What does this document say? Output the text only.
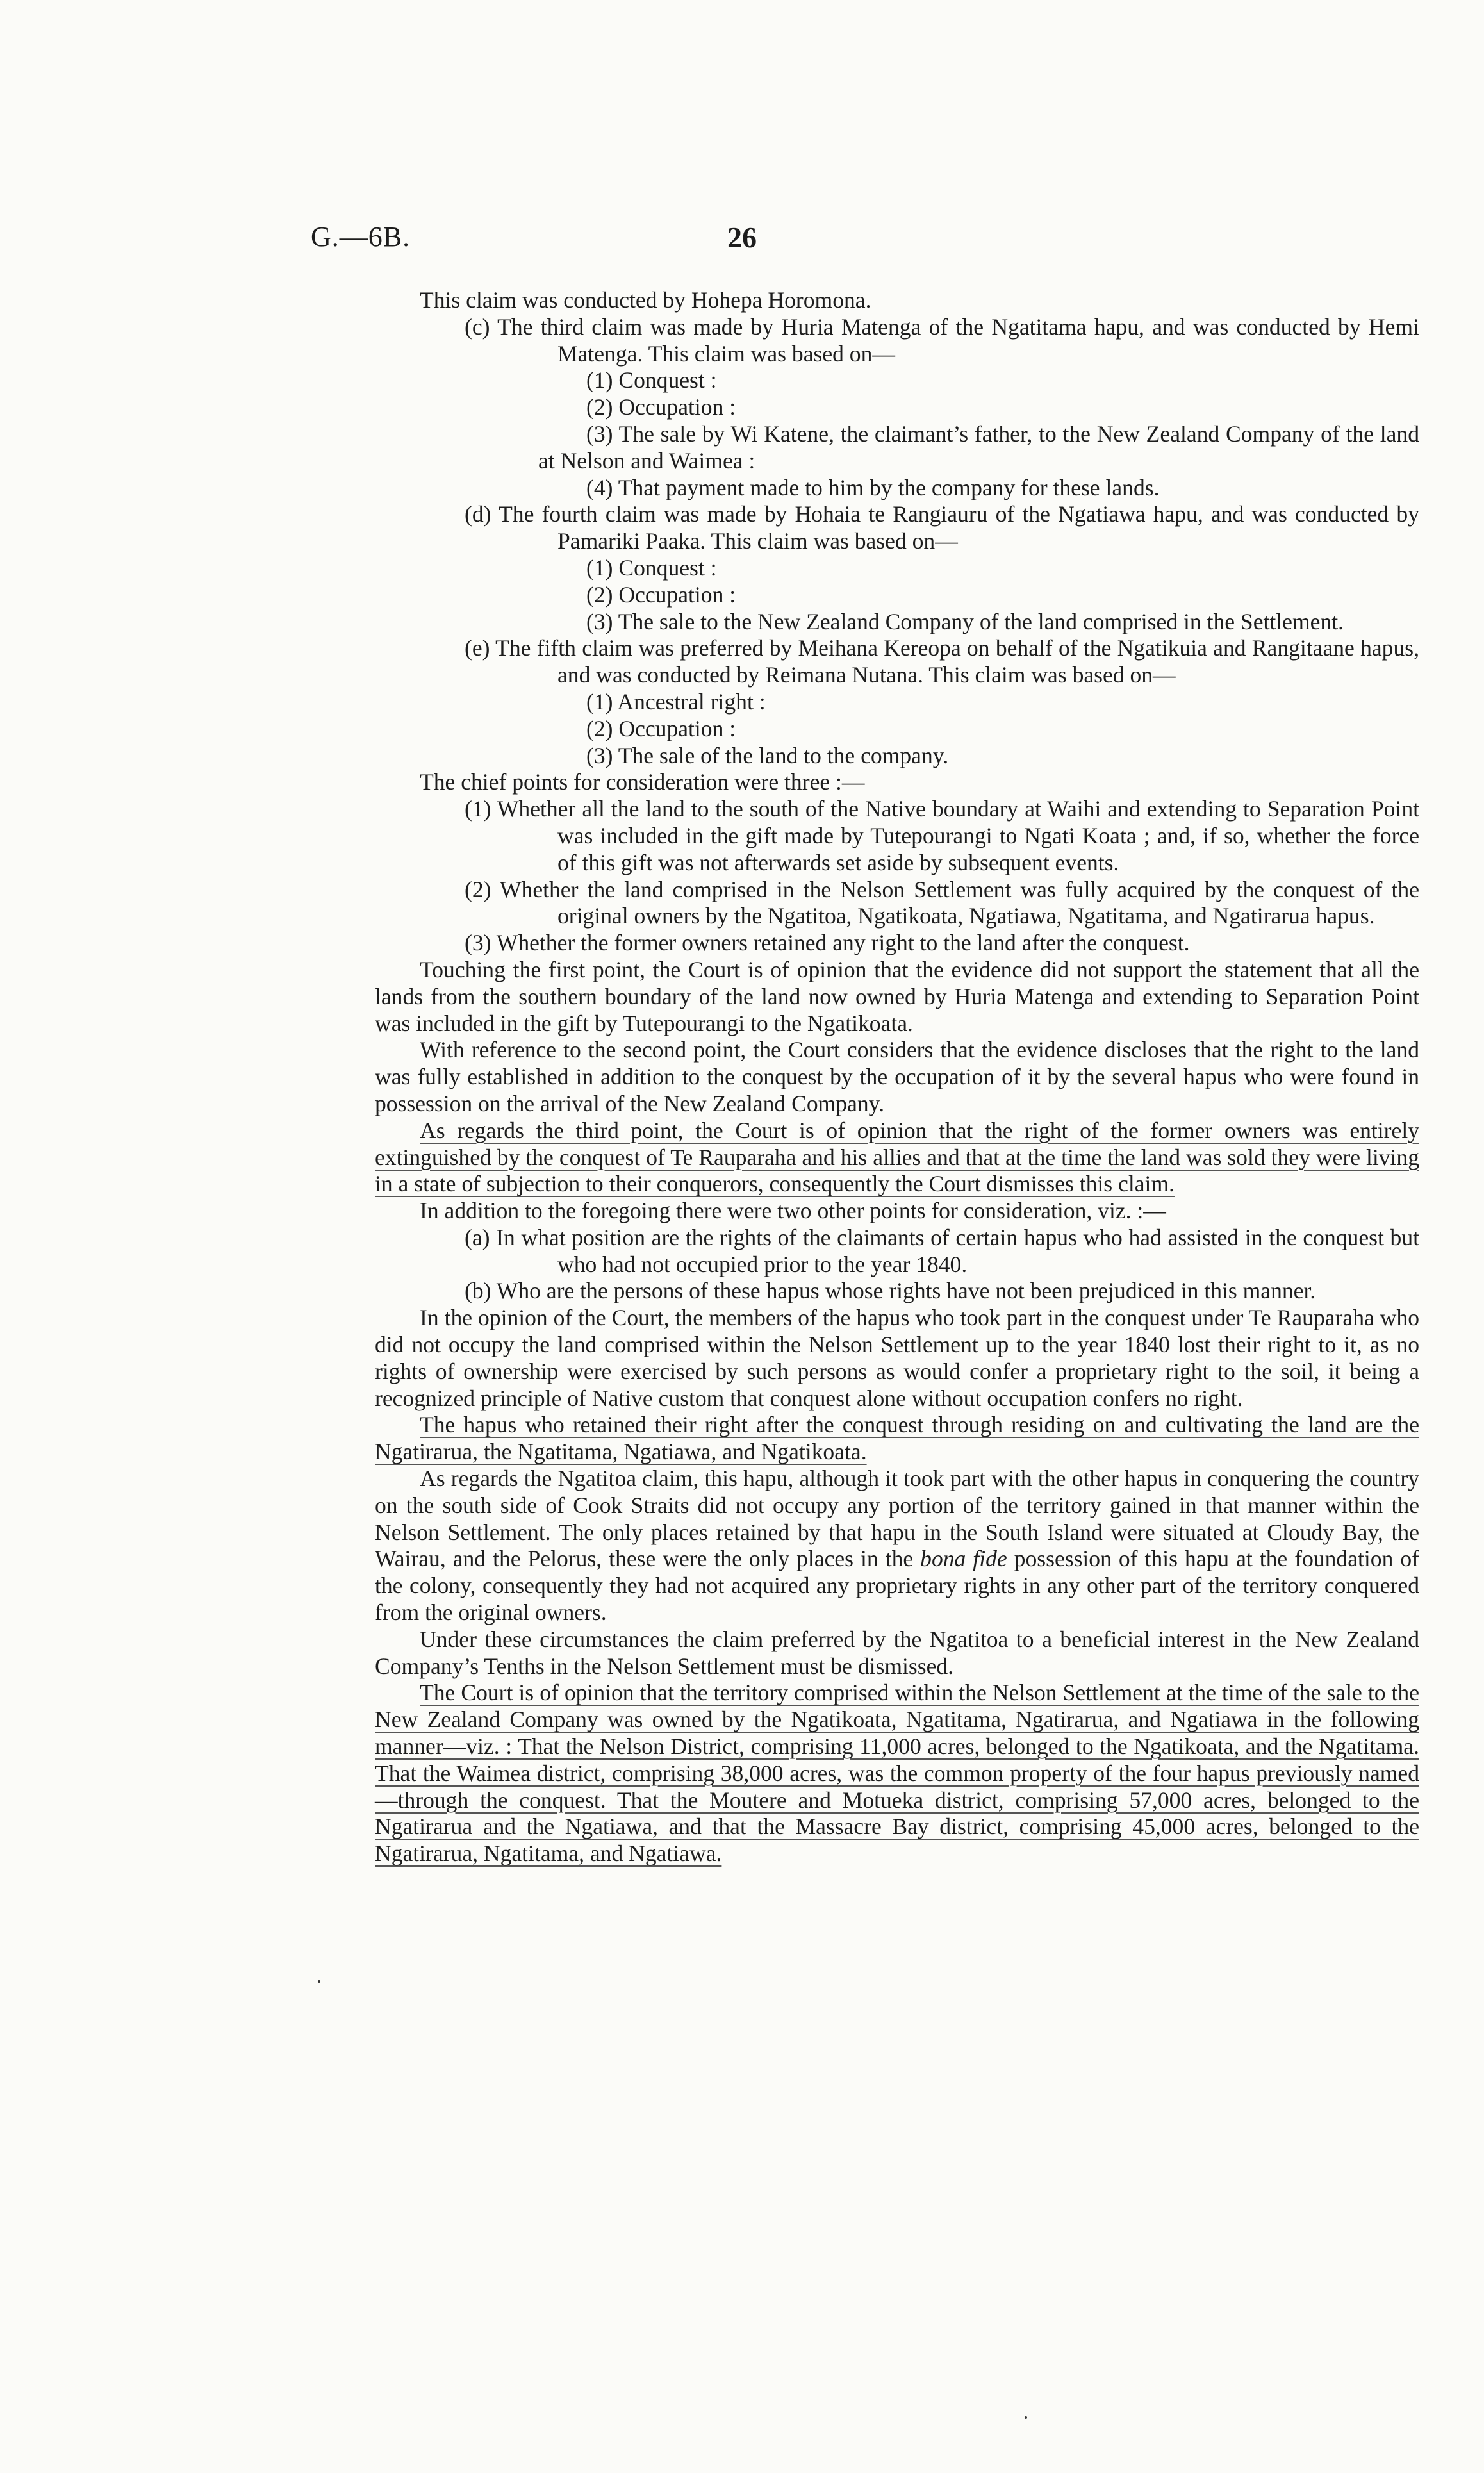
G.—6B.	26

This claim was conducted by Hohepa Horomona.

(c) The third claim was made by Huria Matenga of the Ngatitama hapu, and was conducted by Hemi Matenga. This claim was based on—

(1) Conquest :

(2) Occupation :

(3) The sale by Wi Katene, the claimant’s father, to the New Zealand Company of the land at Nelson and Waimea :

(4) That payment made to him by the company for these lands.

(d) The fourth claim was made by Hohaia te Rangiauru of the Ngatiawa hapu, and was conducted by Pamariki Paaka. This claim was based on—

(1) Conquest :

(2) Occupation :

(3) The sale to the New Zealand Company of the land comprised in the Settlement.

(e) The fifth claim was preferred by Meihana Kereopa on behalf of the Ngatikuia and Rangitaane hapus, and was conducted by Reimana Nutana. This claim was based on—

(1) Ancestral right :

(2) Occupation :

(3) The sale of the land to the company.

The chief points for consideration were three :—

(1) Whether all the land to the south of the Native boundary at Waihi and extending to Separation Point was included in the gift made by Tutepourangi to Ngati Koata ; and, if so, whether the force of this gift was not afterwards set aside by subsequent events.

(2) Whether the land comprised in the Nelson Settlement was fully acquired by the conquest of the original owners by the Ngatitoa, Ngatikoata, Ngatiawa, Ngatitama, and Ngatirarua hapus.

(3) Whether the former owners retained any right to the land after the conquest.

Touching the first point, the Court is of opinion that the evidence did not support the statement that all the lands from the southern boundary of the land now owned by Huria Matenga and extending to Separation Point was included in the gift by Tutepourangi to the Ngatikoata.

With reference to the second point, the Court considers that the evidence discloses that the right to the land was fully established in addition to the conquest by the occupation of it by the several hapus who were found in possession on the arrival of the New Zealand Company.

As regards the third point, the Court is of opinion that the right of the former owners was entirely extinguished by the conquest of Te Rauparaha and his allies and that at the time the land was sold they were living in a state of subjection to their conquerors, consequently the Court dismisses this claim.

In addition to the foregoing there were two other points for consideration, viz. :—

(a) In what position are the rights of the claimants of certain hapus who had assisted in the conquest but who had not occupied prior to the year 1840.

(b) Who are the persons of these hapus whose rights have not been prejudiced in this manner.

In the opinion of the Court, the members of the hapus who took part in the conquest under Te Rauparaha who did not occupy the land comprised within the Nelson Settlement up to the year 1840 lost their right to it, as no rights of ownership were exercised by such persons as would confer a proprietary right to the soil, it being a recognized principle of Native custom that conquest alone without occupation confers no right.

The hapus who retained their right after the conquest through residing on and cultivating the land are the Ngatirarua, the Ngatitama, Ngatiawa, and Ngatikoata.

As regards the Ngatitoa claim, this hapu, although it took part with the other hapus in conquering the country on the south side of Cook Straits did not occupy any portion of the territory gained in that manner within the Nelson Settlement. The only places retained by that hapu in the South Island were situated at Cloudy Bay, the Wairau, and the Pelorus, these were the only places in the bona fide possession of this hapu at the foundation of the colony, consequently they had not acquired any proprietary rights in any other part of the territory conquered from the original owners.

Under these circumstances the claim preferred by the Ngatitoa to a beneficial interest in the New Zealand Company’s Tenths in the Nelson Settlement must be dismissed.

The Court is of opinion that the territory comprised within the Nelson Settlement at the time of the sale to the New Zealand Company was owned by the Ngatikoata, Ngatitama, Ngatirarua, and Ngatiawa in the following manner—viz. : That the Nelson District, comprising 11,000 acres, belonged to the Ngatikoata, and the Ngatitama. That the Waimea district, comprising 38,000 acres, was the common property of the four hapus previously named—through the conquest. That the Moutere and Motueka district, comprising 57,000 acres, belonged to the Ngatirarua and the Ngatiawa, and that the Massacre Bay district, comprising 45,000 acres, belonged to the Ngatirarua, Ngatitama, and Ngatiawa.
